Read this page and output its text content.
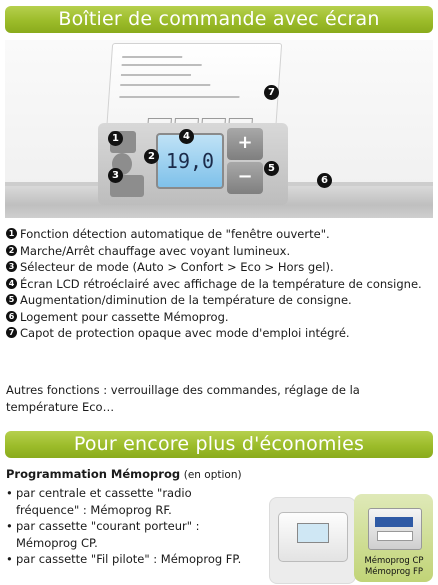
Boîtier de commande avec écran
19,0
+
−
1
2
3
4
5
6
7
1 Fonction détection automatique de "fenêtre ouverte".
2 Marche/Arrêt chauffage avec voyant lumineux.
3 Sélecteur de mode (Auto > Confort > Eco > Hors gel).
4 Écran LCD rétroéclairé avec affichage de la température de consigne.
5 Augmentation/diminution de la température de consigne.
6 Logement pour cassette Mémoprog.
7 Capot de protection opaque avec mode d'emploi intégré.
Autres fonctions : verrouillage des commandes, réglage de la température Eco…
Pour encore plus d'économies
Programmation Mémoprog (en option)
• par centrale et cassette "radio
fréquence" : Mémoprog RF.
• par cassette "courant porteur" :
Mémoprog CP.
• par cassette "Fil pilote" : Mémoprog FP.	Mémoprog CP
Mémoprog FP
